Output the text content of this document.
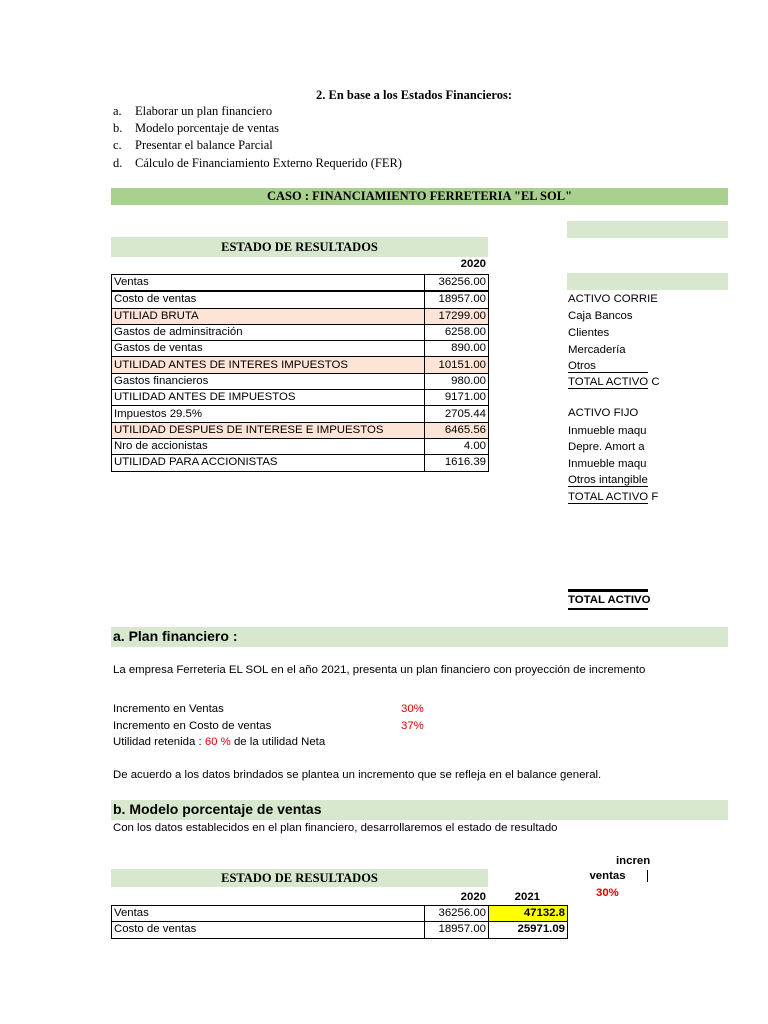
2. En base a los Estados Financieros:
a. Elaborar un plan financiero
b. Modelo porcentaje de ventas
c. Presentar el balance Parcial
d. Cálculo de Financiamiento Externo Requerido (FER)
CASO : FINANCIAMIENTO FERRETERIA "EL SOL"
ESTADO DE RESULTADOS
2020
Ventas	36256.00
Costo de ventas	18957.00
UTILIAD BRUTA	17299.00
Gastos de adminsitración	6258.00
Gastos de ventas	890.00
UTILIDAD ANTES DE INTERES IMPUESTOS	10151.00
Gastos financieros	980.00
UTILIDAD ANTES DE IMPUESTOS	9171.00
Impuestos 29.5%	2705.44
UTILIDAD DESPUES DE INTERESE E IMPUESTOS	6465.56
Nro de accionistas	4.00
UTILIDAD PARA ACCIONISTAS	1616.39
ACTIVO CORRIE
Caja Bancos
Clientes
Mercadería
Otros
TOTAL ACTIVO C
ACTIVO FIJO
Inmueble maqu
Depre. Amort a
Inmueble maqu
Otros intangible
TOTAL ACTIVO F
TOTAL ACTIVO
a. Plan financiero :
La empresa Ferreteria EL SOL en el año 2021, presenta un plan financiero con proyección de incremento
Incremento en Ventas	30%
Incremento en Costo de ventas	37%
Utilidad retenida : 60 % de la utilidad Neta
De acuerdo a los datos brindados se plantea un incremento que se refleja en el balance general.
b. Modelo porcentaje de ventas
Con los datos establecidos en el plan financiero, desarrollaremos el estado de resultado
incren
ventas
30%
ESTADO DE RESULTADOS
2020	2021
Ventas	36256.00	47132.8
Costo de ventas	18957.00	25971.09
